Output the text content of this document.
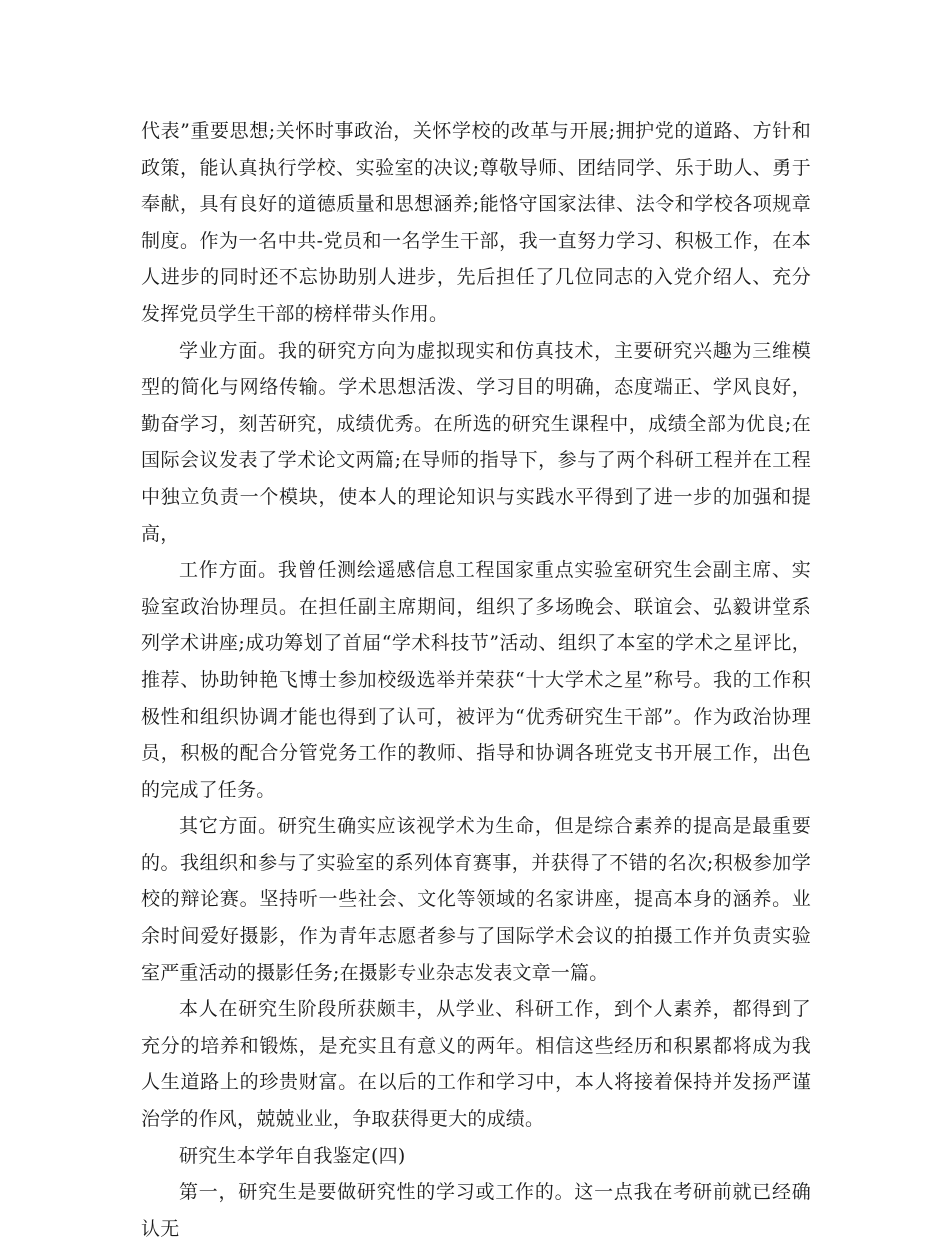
代表”重要思想;关怀时事政治，关怀学校的改革与开展;拥护党的道路、方针和政策，能认真执行学校、实验室的决议;尊敬导师、团结同学、乐于助人、勇于奉献，具有良好的道德质量和思想涵养;能恪守国家法律、法令和学校各项规章制度。作为一名中共-党员和一名学生干部，我一直努力学习、积极工作，在本人进步的同时还不忘协助别人进步，先后担任了几位同志的入党介绍人、充分发挥党员学生干部的榜样带头作用。

学业方面。我的研究方向为虚拟现实和仿真技术，主要研究兴趣为三维模型的简化与网络传输。学术思想活泼、学习目的明确，态度端正、学风良好，勤奋学习，刻苦研究，成绩优秀。在所选的研究生课程中，成绩全部为优良;在国际会议发表了学术论文两篇;在导师的指导下，参与了两个科研工程并在工程中独立负责一个模块，使本人的理论知识与实践水平得到了进一步的加强和提高，

工作方面。我曾任测绘遥感信息工程国家重点实验室研究生会副主席、实验室政治协理员。在担任副主席期间，组织了多场晚会、联谊会、弘毅讲堂系列学术讲座;成功筹划了首届“学术科技节”活动、组织了本室的学术之星评比，推荐、协助钟艳飞博士参加校级选举并荣获“十大学术之星”称号。我的工作积极性和组织协调才能也得到了认可，被评为“优秀研究生干部”。作为政治协理员，积极的配合分管党务工作的教师、指导和协调各班党支书开展工作，出色的完成了任务。

其它方面。研究生确实应该视学术为生命，但是综合素养的提高是最重要的。我组织和参与了实验室的系列体育赛事，并获得了不错的名次;积极参加学校的辩论赛。坚持听一些社会、文化等领域的名家讲座，提高本身的涵养。业余时间爱好摄影，作为青年志愿者参与了国际学术会议的拍摄工作并负责实验室严重活动的摄影任务;在摄影专业杂志发表文章一篇。

本人在研究生阶段所获颇丰，从学业、科研工作，到个人素养，都得到了充分的培养和锻炼，是充实且有意义的两年。相信这些经历和积累都将成为我人生道路上的珍贵财富。在以后的工作和学习中，本人将接着保持并发扬严谨治学的作风，兢兢业业，争取获得更大的成绩。

研究生本学年自我鉴定(四)

第一，研究生是要做研究性的学习或工作的。这一点我在考研前就已经确认无
